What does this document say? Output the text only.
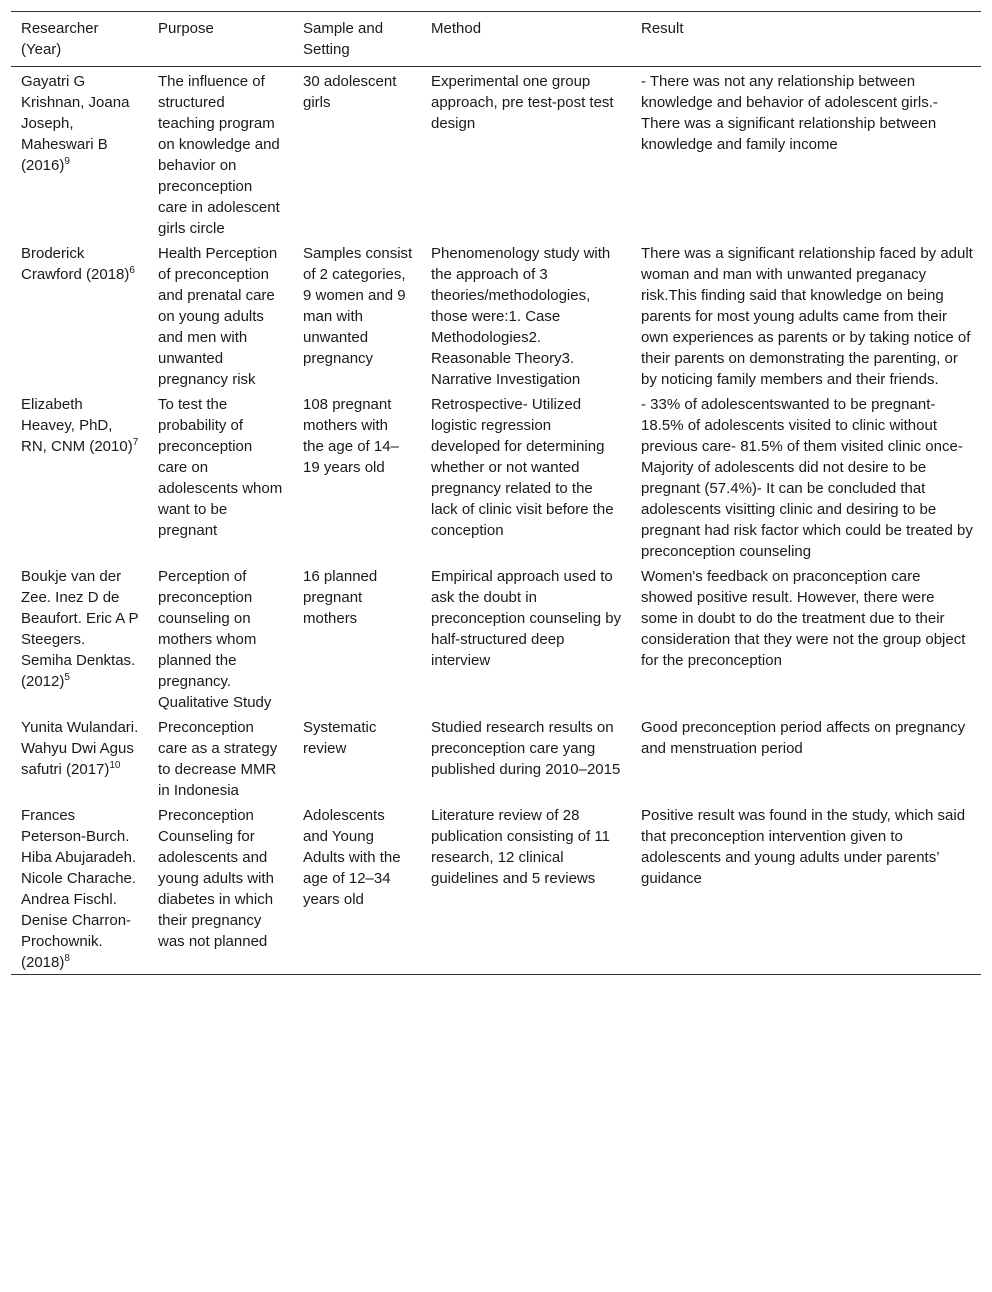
Researcher (Year)	Purpose	Sample and Setting	Method	Result
Gayatri G Krishnan, Joana Joseph, Maheswari B $(2016)^9$	The influence of structured teaching program on knowledge and behavior on preconception care in adolescent girls circle	30 adolescent girls	Experimental one group approach, pre test-post test design	- There was not any relationship between knowledge and behavior of adolescent girls.- There was a significant relationship between knowledge and family income
Broderick Crawford $(2018)^6$	Health Perception of preconception and prenatal care on young adults and men with unwanted pregnancy risk	Samples consist of 2 categories, 9 women and 9 man with unwanted pregnancy	Phenomenology study with the approach of 3 theories/methodologies, those were:1. Case Methodologies2. Reasonable Theory3. Narrative Investigation	There was a significant relationship faced by adult woman and man with unwanted preganacy risk.This finding said that knowledge on being parents for most young adults came from their own experiences as parents or by taking notice of their parents on demonstrating the parenting, or by noticing family members and their friends.
Elizabeth Heavey, PhD, RN, CNM $(2010)^7$	To test the probability of preconception care on adolescents whom want to be pregnant	108 pregnant mothers with the age of 14–19 years old	Retrospective- Utilized logistic regression developed for determining whether or not wanted pregnancy related to the lack of clinic visit before the conception	- 33% of adolescentswanted to be pregnant- 18.5% of adolescents visited to clinic without previous care- 81.5% of them visited clinic once- Majority of adolescents did not desire to be pregnant (57.4%)- It can be concluded that adolescents visitting clinic and desiring to be pregnant had risk factor which could be treated by preconception counseling
Boukje van der Zee. Inez D de Beaufort. Eric A P Steegers. Semiha Denktas. $(2012)^5$	Perception of preconception counseling on mothers whom planned the pregnancy. Qualitative Study	16 planned pregnant mothers	Empirical approach used to ask the doubt in preconception counseling by half-structured deep interview	Women's feedback on praconception care showed positive result. However, there were some in doubt to do the treatment due to their consideration that they were not the group object for the preconception
Yunita Wulandari. Wahyu Dwi Agus safutri $(2017)^{10}$	Preconception care as a strategy to decrease MMR in Indonesia	Systematic review	Studied research results on preconception care yang published during 2010–2015	Good preconception period affects on pregnancy and menstruation period
Frances Peterson-Burch. Hiba Abujaradeh. Nicole Charache. Andrea Fischl. Denise Charron-Prochownik. $(2018)^8$	Preconception Counseling for adolescents and young adults with diabetes in which their pregnancy was not planned	Adolescents and Young Adults with the age of 12–34 years old	Literature review of 28 publication consisting of 11 research, 12 clinical guidelines and 5 reviews	Positive result was found in the study, which said that preconception intervention given to adolescents and young adults under parents’ guidance
